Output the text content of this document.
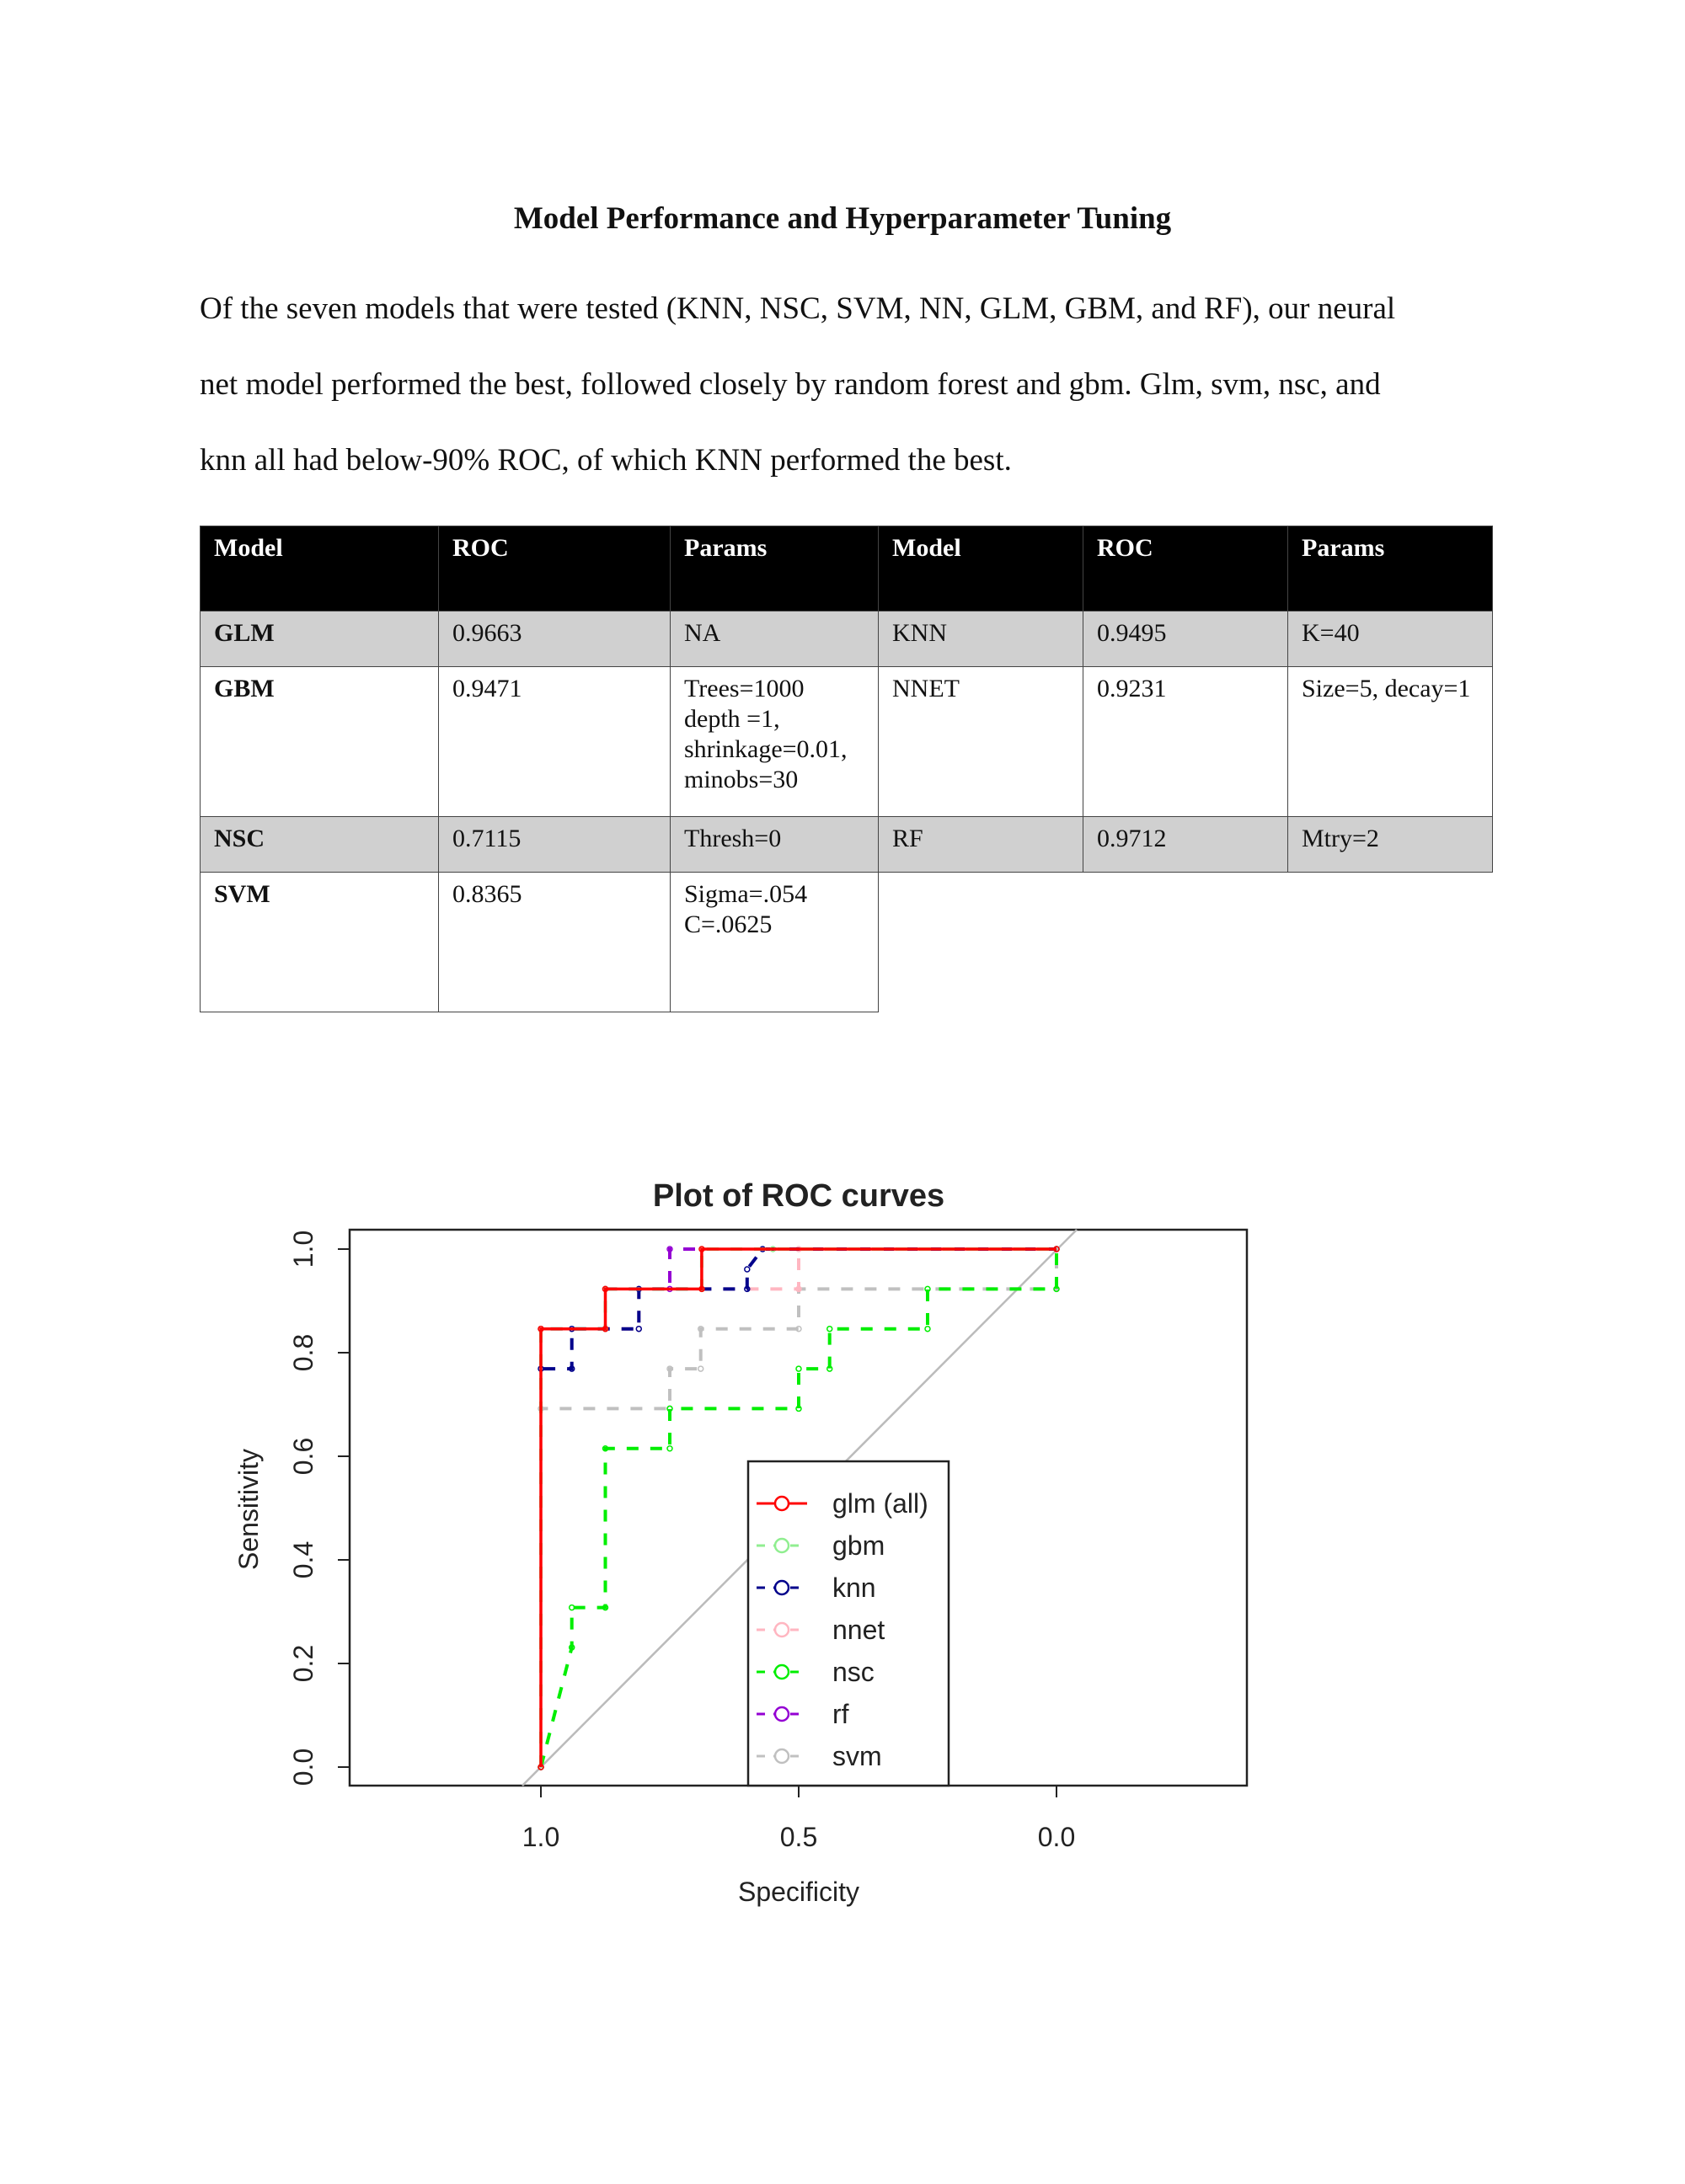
Model Performance and Hyperparameter Tuning
Of the seven models that were tested (KNN, NSC, SVM, NN, GLM, GBM, and RF), our neural
net model performed the best, followed closely by random forest and gbm. Glm, svm, nsc, and
knn all had below-90% ROC, of which KNN performed the best.
Model	ROC	Params	Model	ROC	Params
GLM	0.9663	NA	KNN	0.9495	K=40
GBM	0.9471	Trees=1000 depth =1, shrinkage=0.01, minobs=30	NNET	0.9231	Size=5, decay=1
NSC	0.7115	Thresh=0	RF	0.9712	Mtry=2
SVM	0.8365	Sigma=.054 C=.0625			
Plot of ROC curves
Specificity
Sensitivity
1.0	0.5	0.0
0.0
0.2
0.4
0.6
0.8
1.0
glm (all)
gbm
knn
nnet
nsc
rf
svm
